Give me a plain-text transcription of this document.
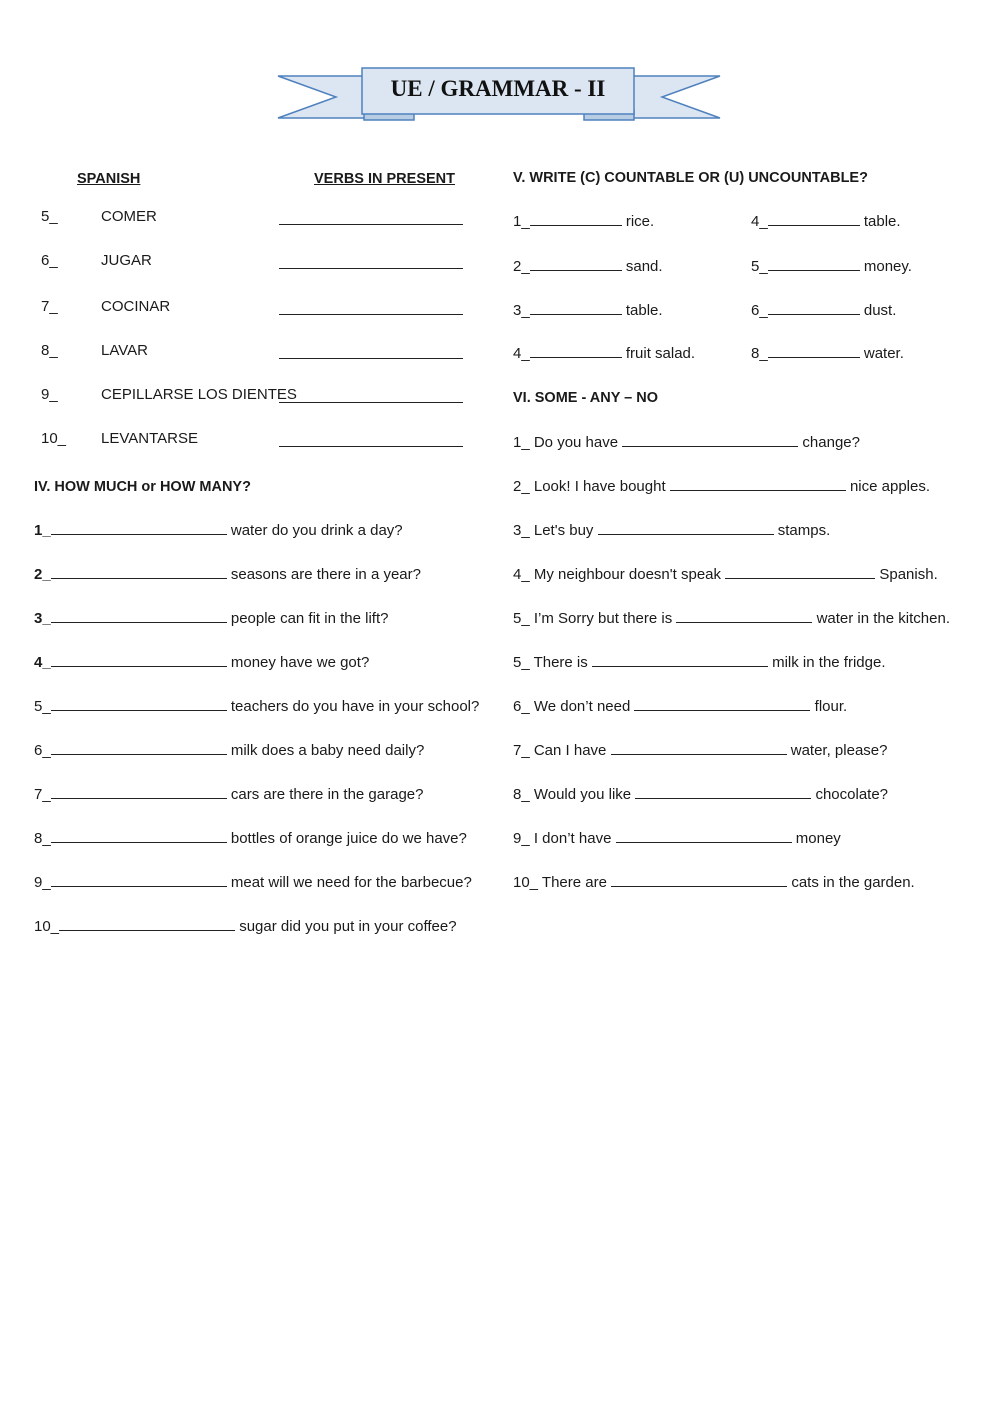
UE / GRAMMAR - II
SPANISH	VERBS IN PRESENT
5_	COMER
6_	JUGAR
7_	COCINAR
8_	LAVAR
9_	CEPILLARSE LOS DIENTES
10_ LEVANTARSE
IV. HOW MUCH or HOW MANY?
1_	water do you drink a day?
2_	seasons are there in a year?
3_	people can fit in the lift?
4_	money have we got?
5_	teachers do you have in your school?
6_	milk does a baby need daily?
7_	cars are there in the garage?
8_	bottles of orange juice do we have?
9_	meat will we need for the barbecue?
10_	sugar did you put in your coffee?
V. WRITE (C) COUNTABLE OR (U) UNCOUNTABLE?
1_	rice.
2_	sand.
3_	table.
4_	fruit salad.
4_	table.
5_	money.
6_	dust.
8_	water.
VI. SOME - ANY – NO
1_ Do you have	change?
2_ Look! I have bought	nice apples.
3_ Let's buy	stamps.
4_ My neighbour doesn't speak	Spanish.
5_ I’m Sorry but there is	water in the kitchen.
5_ There is	milk in the fridge.
6_ We don’t need	flour.
7_ Can I have	water, please?
8_ Would you like	chocolate?
9_ I don’t have	money
10_ There are	cats in the garden.
